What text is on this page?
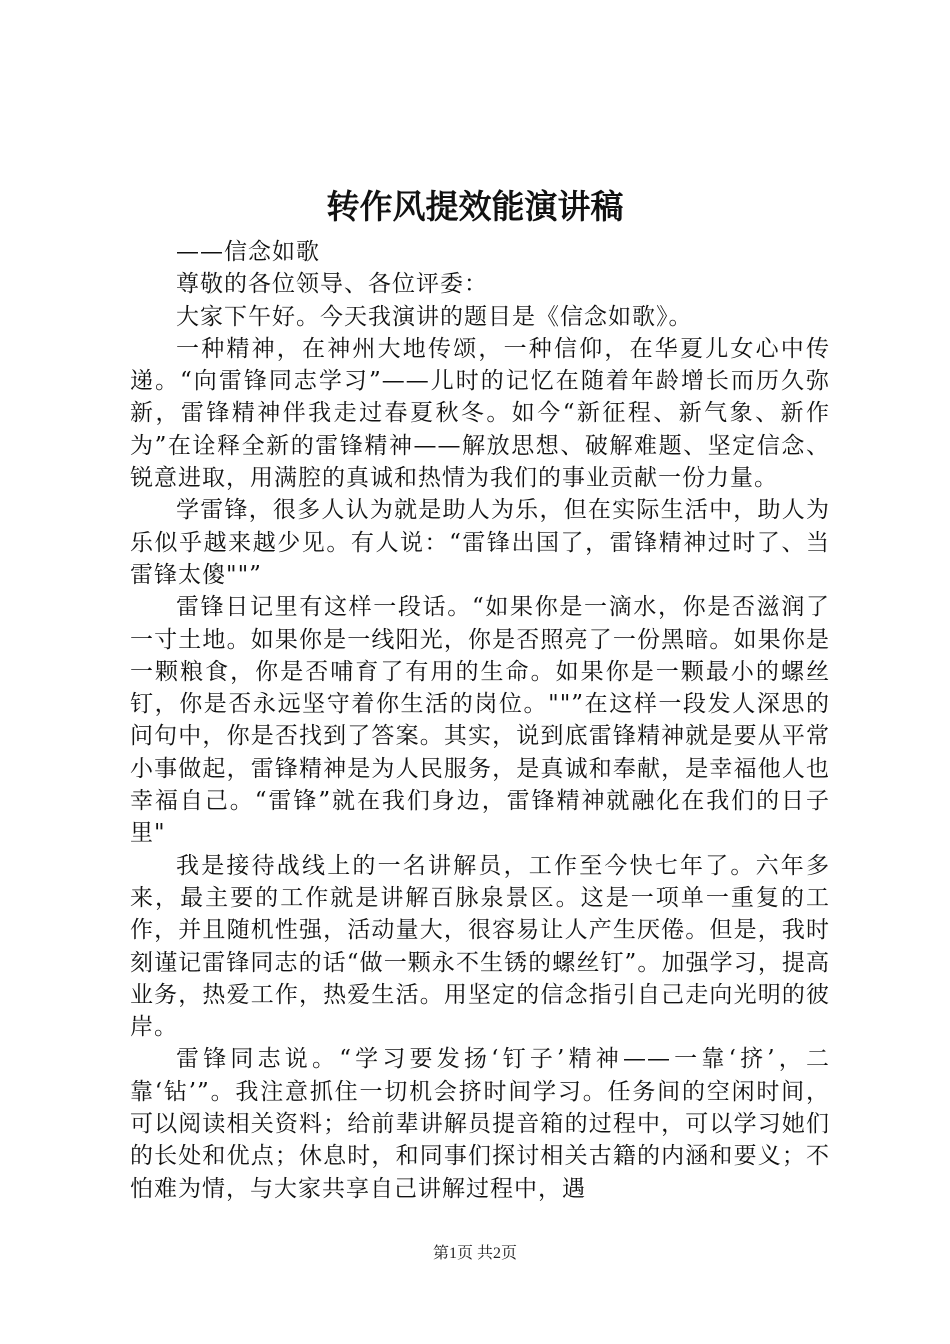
转作风提效能演讲稿

——信念如歌

尊敬的各位领导、各位评委：

大家下午好。今天我演讲的题目是《信念如歌》。

一种精神，在神州大地传颂，一种信仰，在华夏儿女心中传递。“向雷锋同志学习”——儿时的记忆在随着年龄增长而历久弥新，雷锋精神伴我走过春夏秋冬。如今“新征程、新气象、新作为”在诠释全新的雷锋精神——解放思想、破解难题、坚定信念、锐意进取，用满腔的真诚和热情为我们的事业贡献一份力量。

学雷锋，很多人认为就是助人为乐，但在实际生活中，助人为乐似乎越来越少见。有人说：“雷锋出国了，雷锋精神过时了、当雷锋太傻""”

雷锋日记里有这样一段话。“如果你是一滴水，你是否滋润了一寸土地。如果你是一线阳光，你是否照亮了一份黑暗。如果你是一颗粮食，你是否哺育了有用的生命。如果你是一颗最小的螺丝钉，你是否永远坚守着你生活的岗位。""”在这样一段发人深思的问句中，你是否找到了答案。其实，说到底雷锋精神就是要从平常小事做起，雷锋精神是为人民服务，是真诚和奉献，是幸福他人也幸福自己。“雷锋”就在我们身边，雷锋精神就融化在我们的日子里"

我是接待战线上的一名讲解员，工作至今快七年了。六年多来，最主要的工作就是讲解百脉泉景区。这是一项单一重复的工作，并且随机性强，活动量大，很容易让人产生厌倦。但是，我时刻谨记雷锋同志的话“做一颗永不生锈的螺丝钉”。加强学习，提高业务，热爱工作，热爱生活。用坚定的信念指引自己走向光明的彼岸。

雷锋同志说。“学习要发扬‘钉子’精神——一靠‘挤’，二靠‘钻’”。我注意抓住一切机会挤时间学习。任务间的空闲时间，可以阅读相关资料；给前辈讲解员提音箱的过程中，可以学习她们的长处和优点；休息时，和同事们探讨相关古籍的内涵和要义；不怕难为情，与大家共享自己讲解过程中，遇

第1页 共2页
